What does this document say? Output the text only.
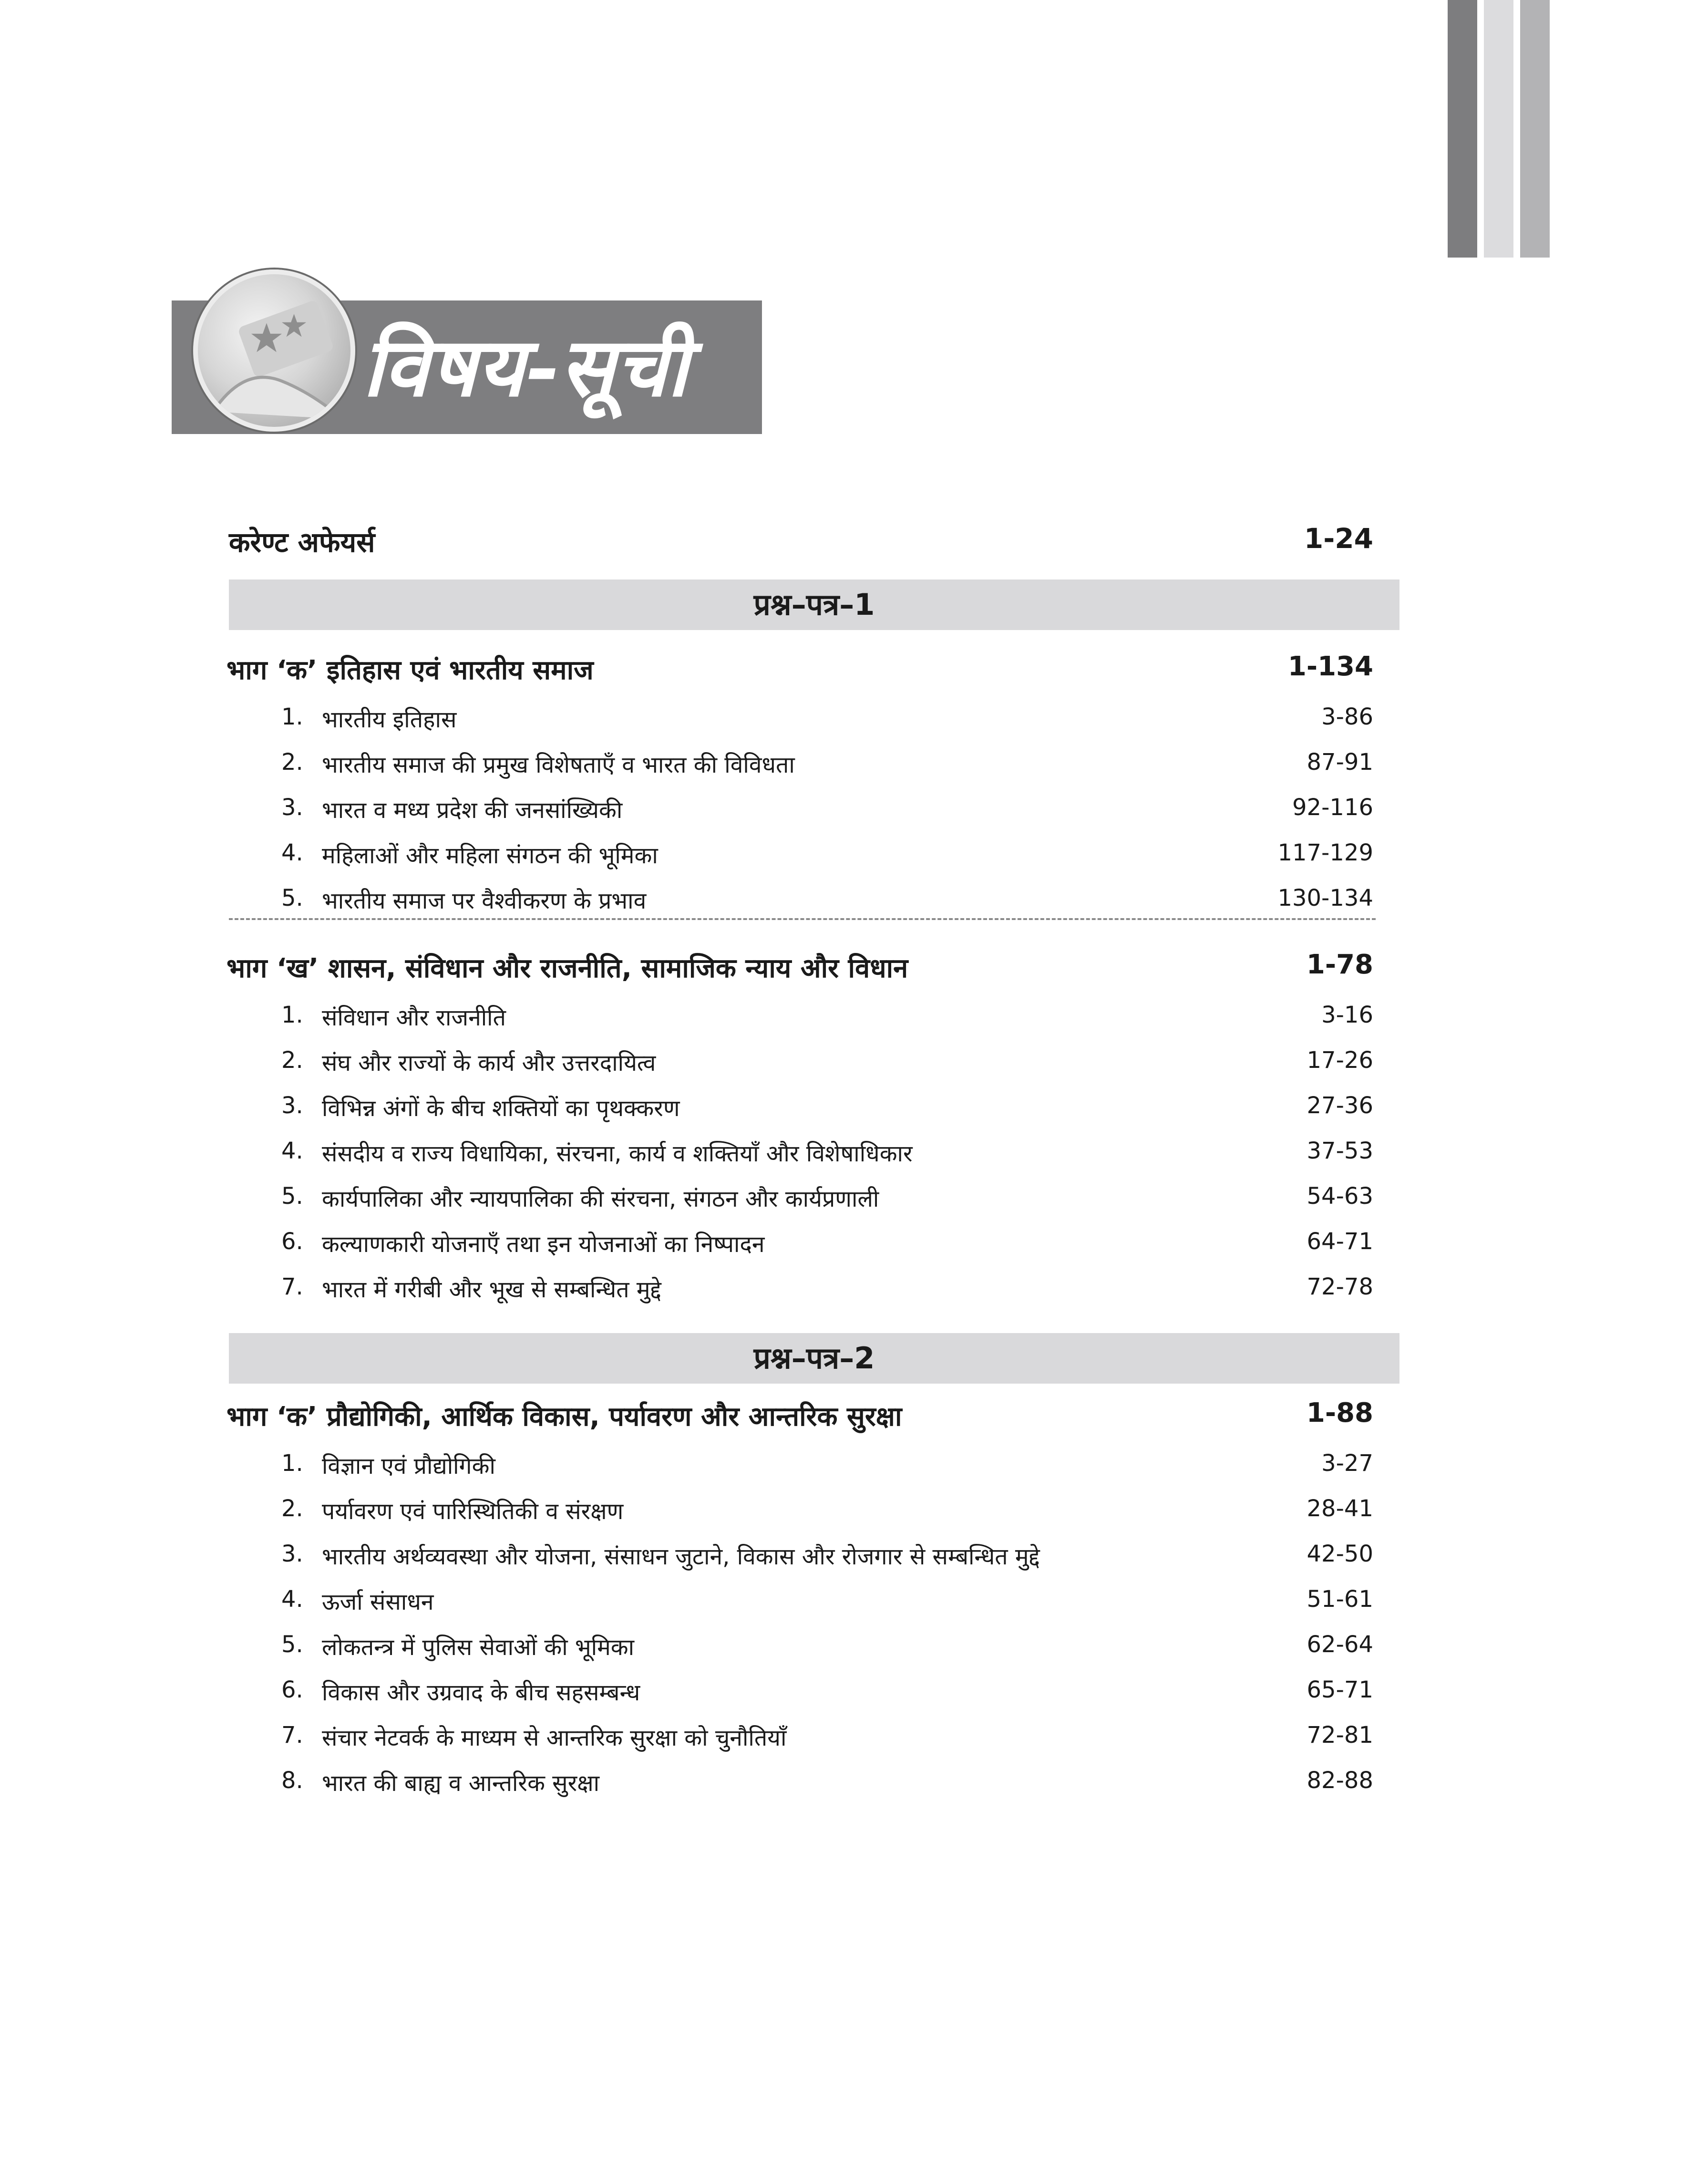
विषय-सूची
करेण्ट अफेयर्स	1-24
प्रश्न–पत्र–1
भाग ‘क’ इतिहास एवं भारतीय समाज	1-134
1. भारतीय इतिहास	3-86
2. भारतीय समाज की प्रमुख विशेषताएँ व भारत की विविधता	87-91
3. भारत व मध्य प्रदेश की जनसांख्यिकी	92-116
4. महिलाओं और महिला संगठन की भूमिका	117-129
5. भारतीय समाज पर वैश्वीकरण के प्रभाव	130-134
भाग ‘ख’ शासन, संविधान और राजनीति, सामाजिक न्याय और विधान	1-78
1. संविधान और राजनीति	3-16
2. संघ और राज्यों के कार्य और उत्तरदायित्व	17-26
3. विभिन्न अंगों के बीच शक्तियों का पृथक्करण	27-36
4. संसदीय व राज्य विधायिका, संरचना, कार्य व शक्तियाँ और विशेषाधिकार	37-53
5. कार्यपालिका और न्यायपालिका की संरचना, संगठन और कार्यप्रणाली	54-63
6. कल्याणकारी योजनाएँ तथा इन योजनाओं का निष्पादन	64-71
7. भारत में गरीबी और भूख से सम्बन्धित मुद्दे	72-78
प्रश्न–पत्र–2
भाग ‘क’ प्रौद्योगिकी, आर्थिक विकास, पर्यावरण और आन्तरिक सुरक्षा	1-88
1. विज्ञान एवं प्रौद्योगिकी	3-27
2. पर्यावरण एवं पारिस्थितिकी व संरक्षण	28-41
3. भारतीय अर्थव्यवस्था और योजना, संसाधन जुटाने, विकास और रोजगार से सम्बन्धित मुद्दे	42-50
4. ऊर्जा संसाधन	51-61
5. लोकतन्त्र में पुलिस सेवाओं की भूमिका	62-64
6. विकास और उग्रवाद के बीच सहसम्बन्ध	65-71
7. संचार नेटवर्क के माध्यम से आन्तरिक सुरक्षा को चुनौतियाँ	72-81
8. भारत की बाह्य व आन्तरिक सुरक्षा	82-88
